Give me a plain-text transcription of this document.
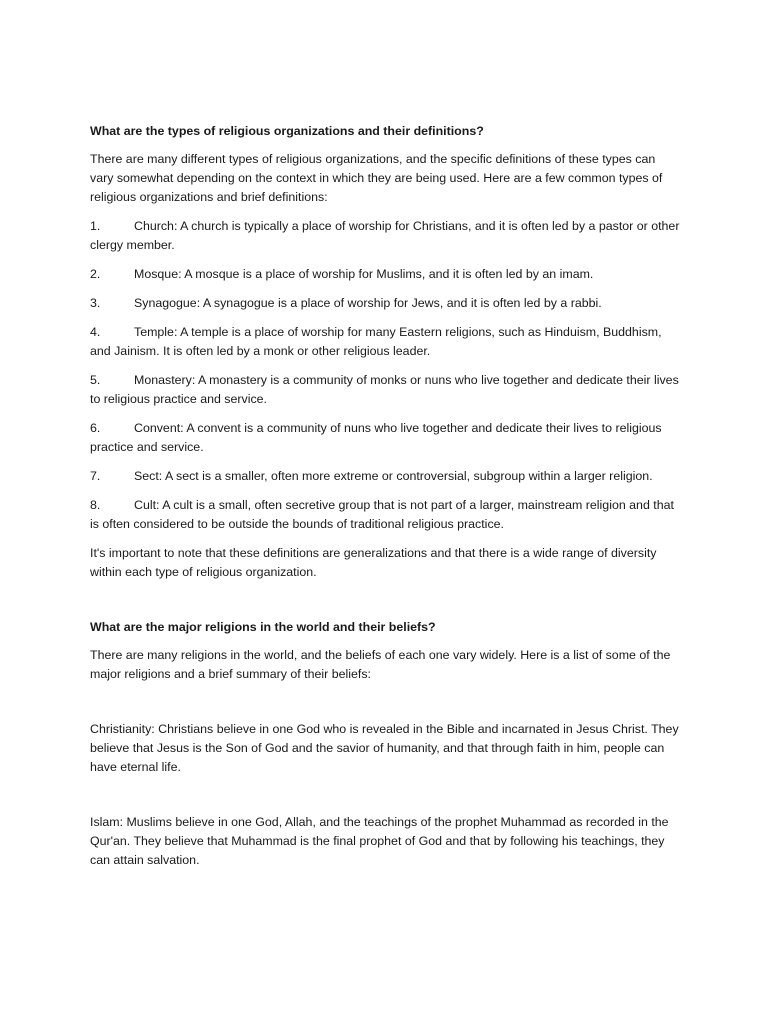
What are the types of religious organizations and their definitions?
There are many different types of religious organizations, and the specific definitions of these types can vary somewhat depending on the context in which they are being used. Here are a few common types of religious organizations and brief definitions:
1.	Church: A church is typically a place of worship for Christians, and it is often led by a pastor or other clergy member.
2.	Mosque: A mosque is a place of worship for Muslims, and it is often led by an imam.
3.	Synagogue: A synagogue is a place of worship for Jews, and it is often led by a rabbi.
4.	Temple: A temple is a place of worship for many Eastern religions, such as Hinduism, Buddhism, and Jainism. It is often led by a monk or other religious leader.
5.	Monastery: A monastery is a community of monks or nuns who live together and dedicate their lives to religious practice and service.
6.	Convent: A convent is a community of nuns who live together and dedicate their lives to religious practice and service.
7.	Sect: A sect is a smaller, often more extreme or controversial, subgroup within a larger religion.
8.	Cult: A cult is a small, often secretive group that is not part of a larger, mainstream religion and that is often considered to be outside the bounds of traditional religious practice.
It's important to note that these definitions are generalizations and that there is a wide range of diversity within each type of religious organization.
What are the major religions in the world and their beliefs?
There are many religions in the world, and the beliefs of each one vary widely. Here is a list of some of the major religions and a brief summary of their beliefs:
Christianity: Christians believe in one God who is revealed in the Bible and incarnated in Jesus Christ. They believe that Jesus is the Son of God and the savior of humanity, and that through faith in him, people can have eternal life.
Islam: Muslims believe in one God, Allah, and the teachings of the prophet Muhammad as recorded in the Qur'an. They believe that Muhammad is the final prophet of God and that by following his teachings, they can attain salvation.
